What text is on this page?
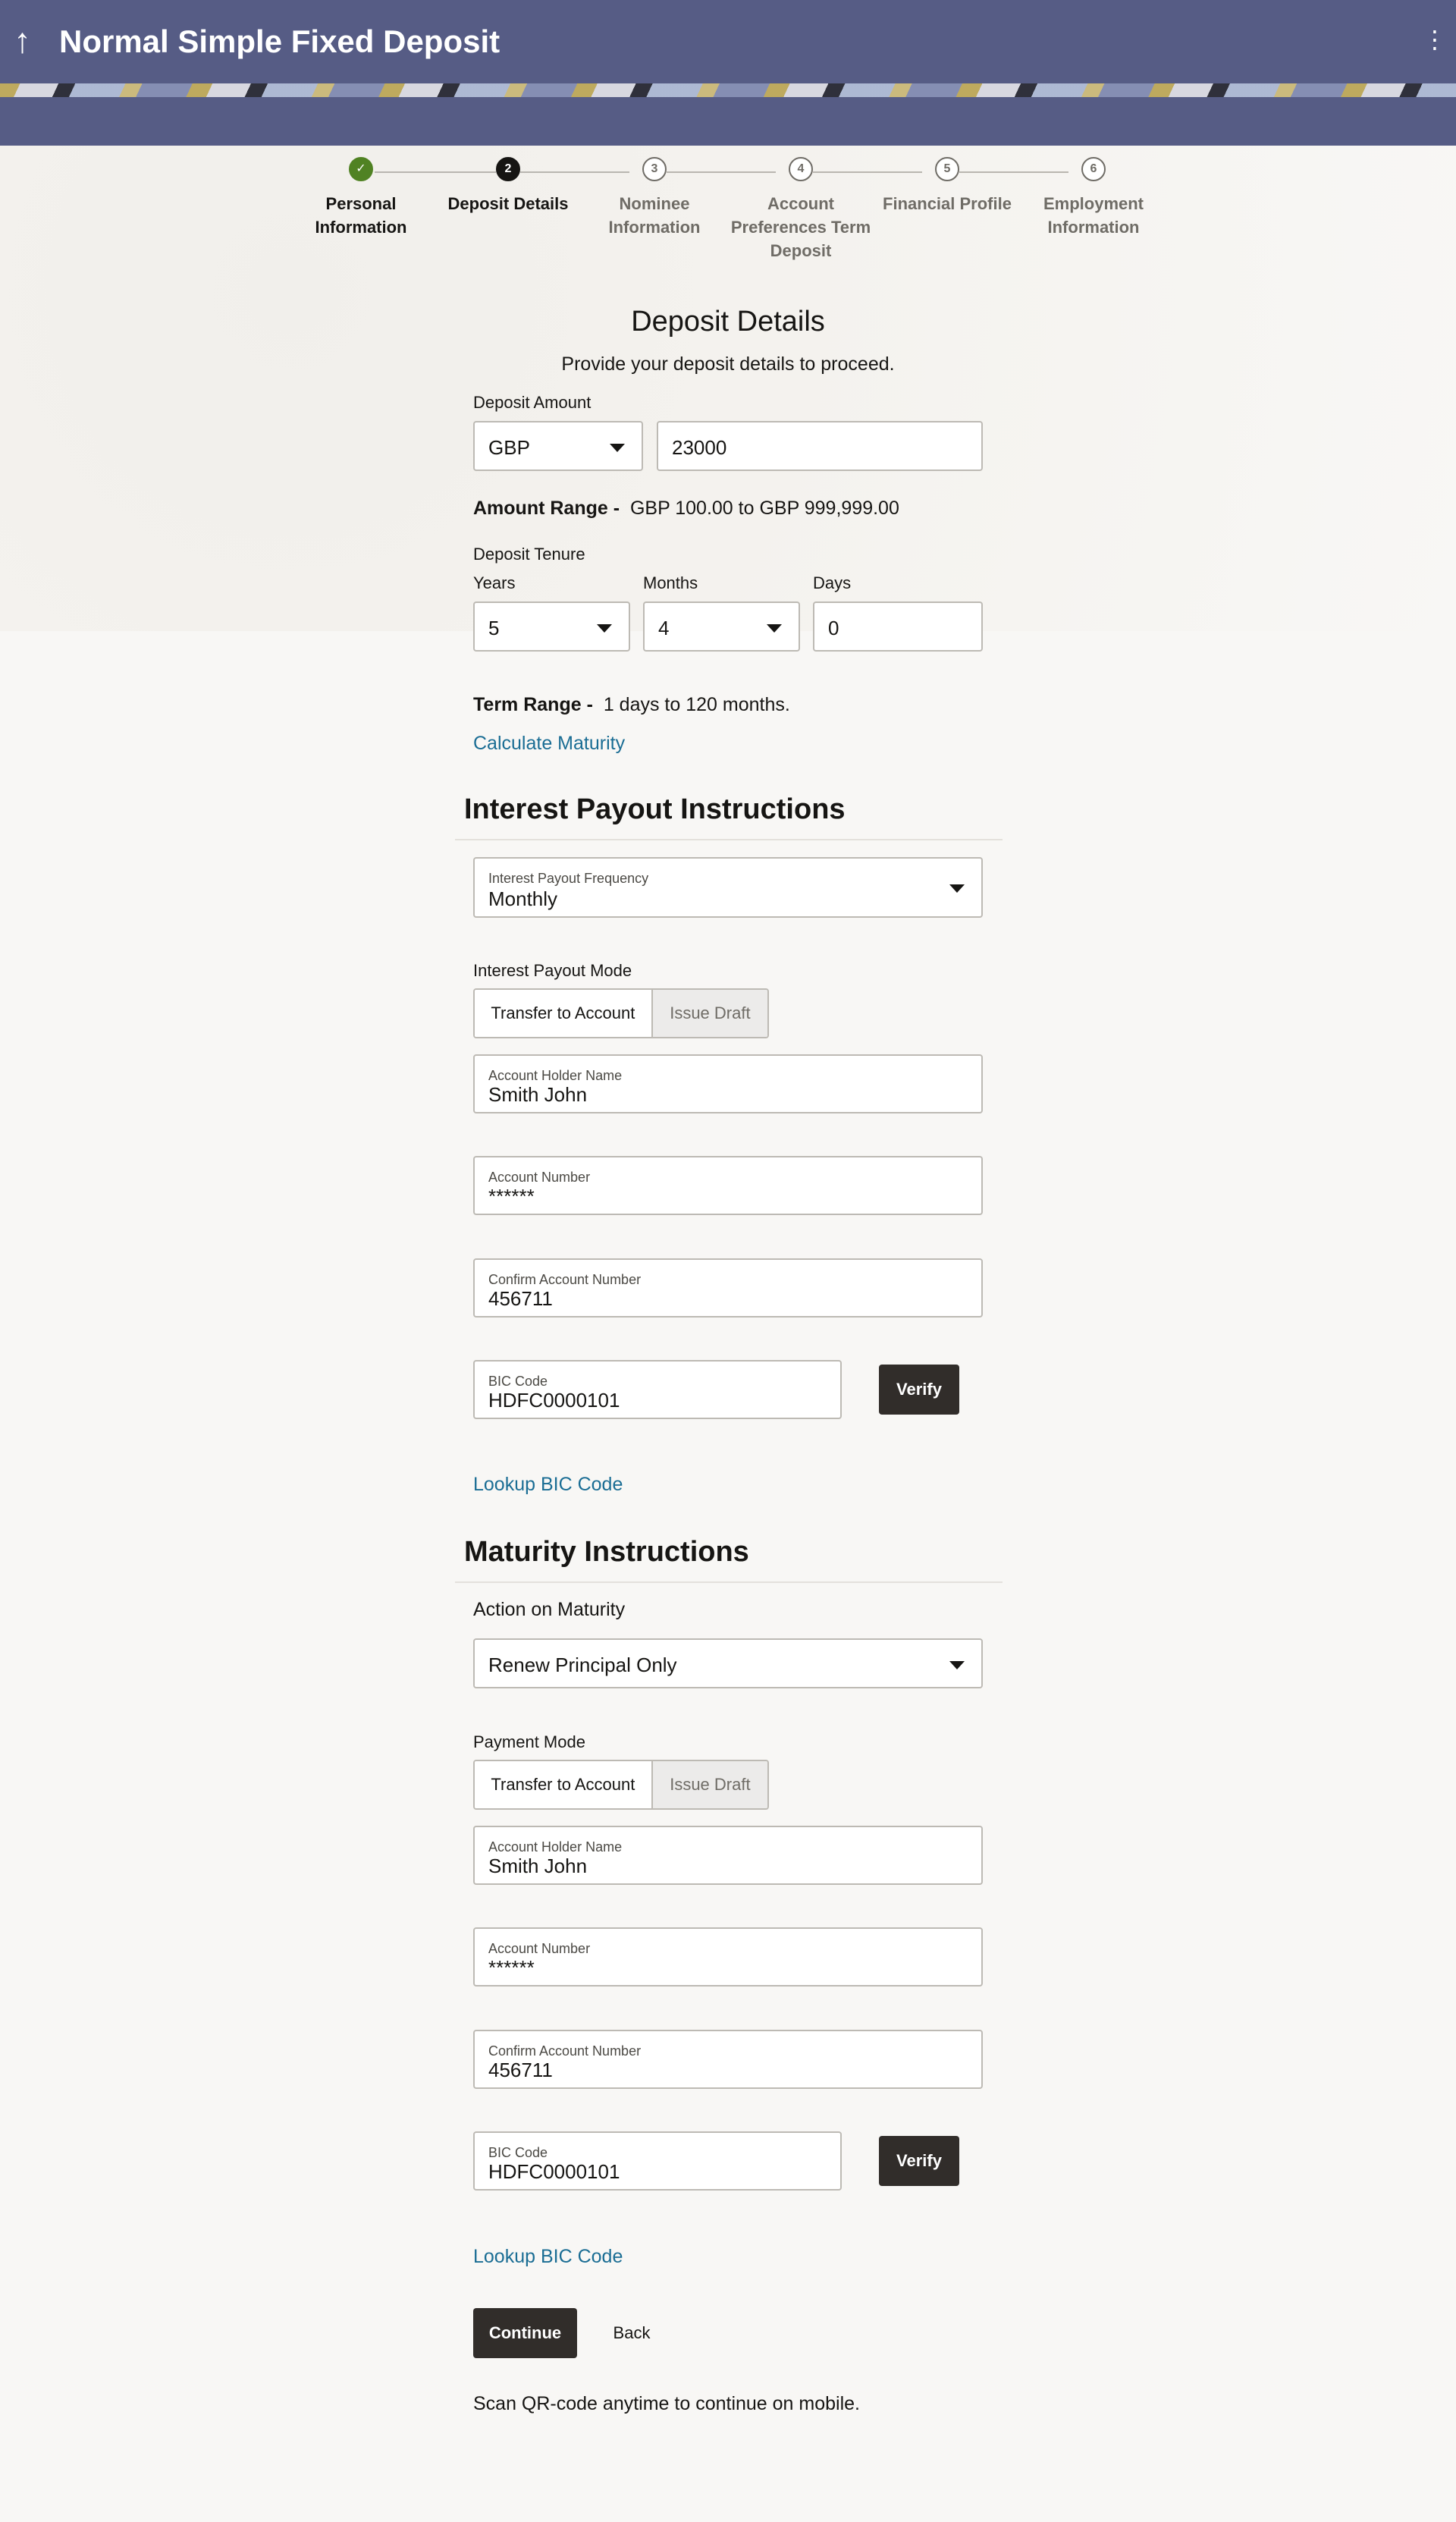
↑ Normal Simple Fixed Deposit	⋮
✓
Personal
Information
2
Deposit Details
3
Nominee
Information
4
Account
Preferences Term
Deposit
5
Financial Profile
6
Employment
Information
Deposit Details
Provide your deposit details to proceed.
Deposit Amount
GBP	23000
Amount Range - GBP 100.00 to GBP 999,999.00
Deposit Tenure
Years	Months	Days
5	4	0
Term Range - 1 days to 120 months.
Calculate Maturity
Interest Payout Instructions
Interest Payout Frequency
Monthly
Interest Payout Mode
Transfer to Account	Issue Draft
Account Holder Name
Smith John
Account Number
******
Confirm Account Number
456711
BIC Code
HDFC0000101	Verify
Lookup BIC Code
Maturity Instructions
Action on Maturity
Renew Principal Only
Payment Mode
Transfer to Account	Issue Draft
Account Holder Name
Smith John
Account Number
******
Confirm Account Number
456711
BIC Code
HDFC0000101	Verify
Lookup BIC Code
Continue	Back
Scan QR-code anytime to continue on mobile.
